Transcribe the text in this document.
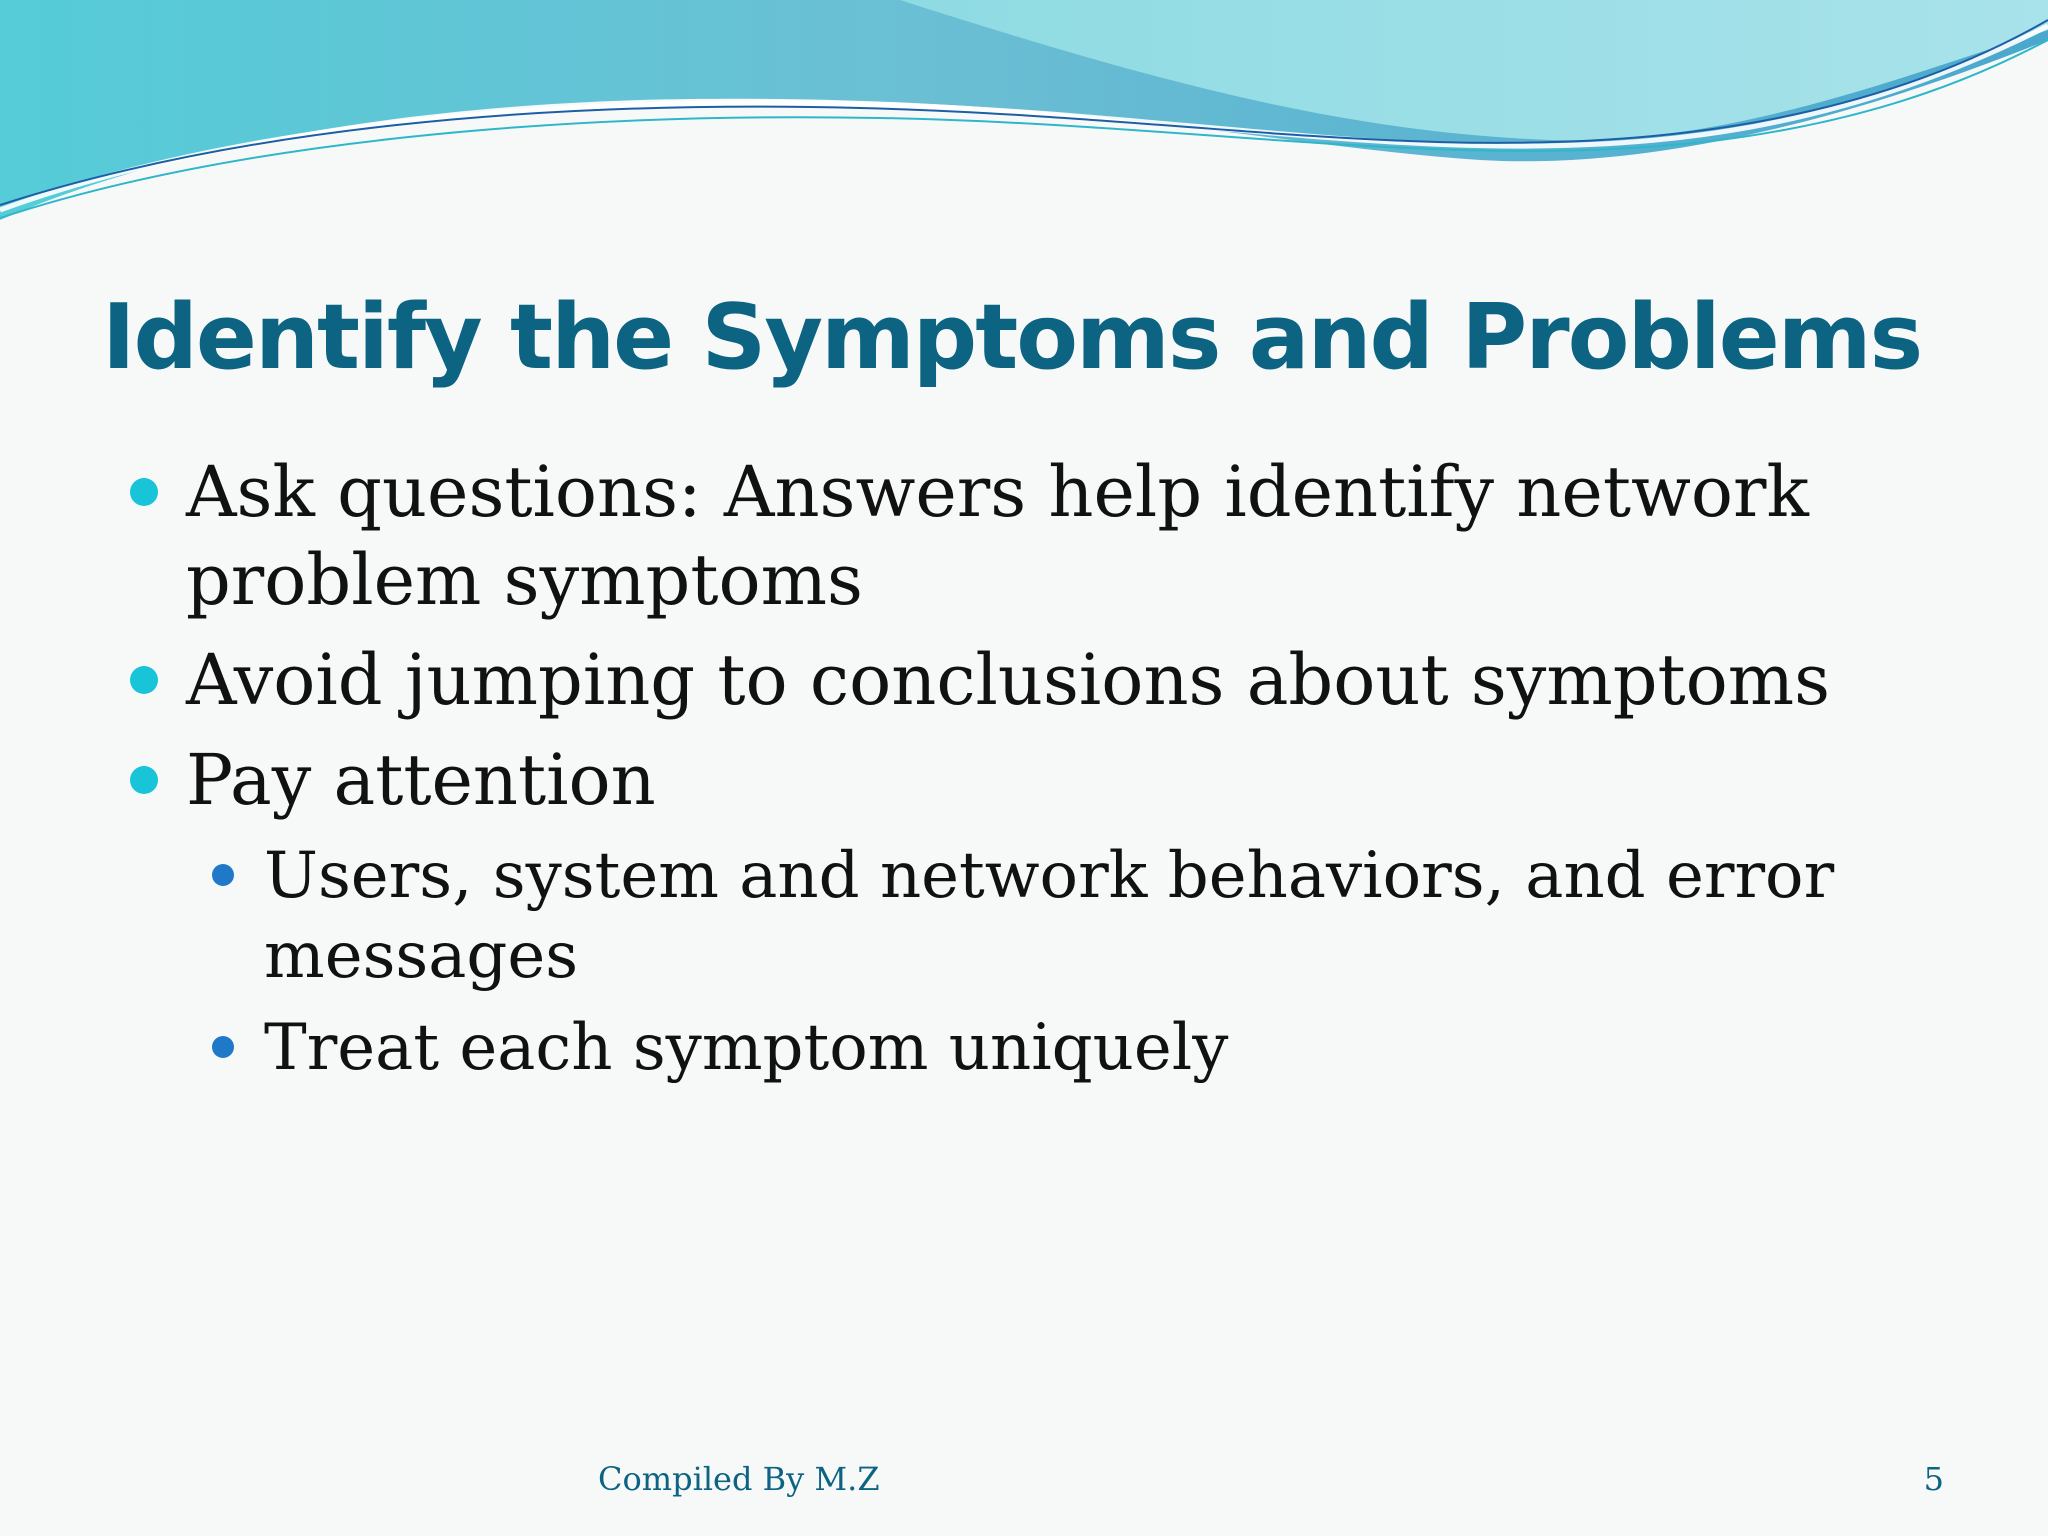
Identify the Symptoms and Problems
Ask questions: Answers help identify network problem symptoms
Avoid jumping to conclusions about symptoms
Pay attention
Users, system and network behaviors, and error messages
Treat each symptom uniquely
Compiled By M.Z	5
